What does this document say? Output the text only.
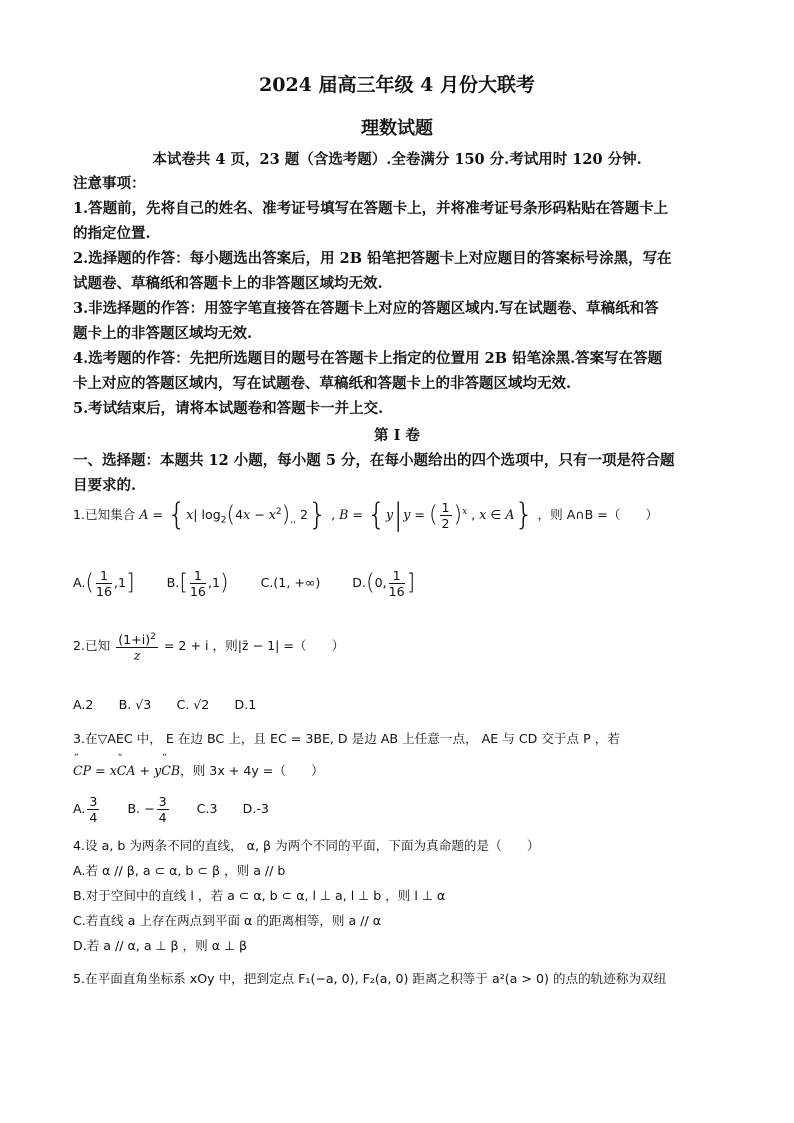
2024 届高三年级 4 月份大联考
理数试题
本试卷共 4 页，23 题（含选考题）.全卷满分 150 分.考试用时 120 分钟.
注意事项：
1.答题前，先将自己的姓名、准考证号填写在答题卡上，并将准考证号条形码粘贴在答题卡上
的指定位置.
2.选择题的作答：每小题选出答案后，用 2B 铅笔把答题卡上对应题目的答案标号涂黑，写在
试题卷、草稿纸和答题卡上的非答题区域均无效.
3.非选择题的作答：用签字笔直接答在答题卡上对应的答题区域内.写在试题卷、草稿纸和答
题卡上的非答题区域均无效.
4.选考题的作答：先把所选题目的题号在答题卡上指定的位置用 2B 铅笔涂黑.答案写在答题
卡上对应的答题区域内，写在试题卷、草稿纸和答题卡上的非答题区域均无效.
5.考试结束后，请将本试题卷和答题卡一并上交.
第 I 卷
一、选择题：本题共 12 小题，每小题 5 分，在每小题给出的四个选项中，只有一项是符合题
目要求的.
1.已知集合 A = {x| $\log_2(4x - x^2)_{,,}$ 2} , B = {y|y = ( $\frac{1}{2} )^x$ , x ∈ A} ，则 A∩B =（　　）
$A.( \frac{1}{16} ,1]$	$B.[ \frac{1}{16} ,1)$	C.(1, +∞)	D.(0, $\frac{1}{16}$ ]
2.已知 $\frac{(1+i)^2}{z} = 2 + i$ ，则|z̄ − 1| =（　　）
A.2　　B. √3　　C. √2　　D.1
3.在▽AEC 中， E 在边 BC 上，且 EC = 3BE, D 是边 AB 上任意一点， AE 与 CD 交于点 P ，若
‘‘ CP = x‘‘ CA + y‘‘ CB，则 3x + 4y =（　　）
A. $\frac{3}{4} B$. − $\frac{3}{4} C.3$　　D.-3
4.设 a, b 为两条不同的直线， α, β 为两个不同的平面，下面为真命题的是（　　）
A.若 α // β, a ⊂ α, b ⊂ β ，则 a // b
B.对于空间中的直线 l ，若 a ⊂ α, b ⊂ α, l ⊥ a, l ⊥ b ，则 l ⊥ α
C.若直线 a 上存在两点到平面 α 的距离相等，则 a // α
D.若 a // α, a ⊥ β ，则 α ⊥ β
5.在平面直角坐标系 xOy 中，把到定点 F₁(−a, 0), F₂(a, 0) 距离之积等于 a²(a > 0) 的点的轨迹称为双纽
